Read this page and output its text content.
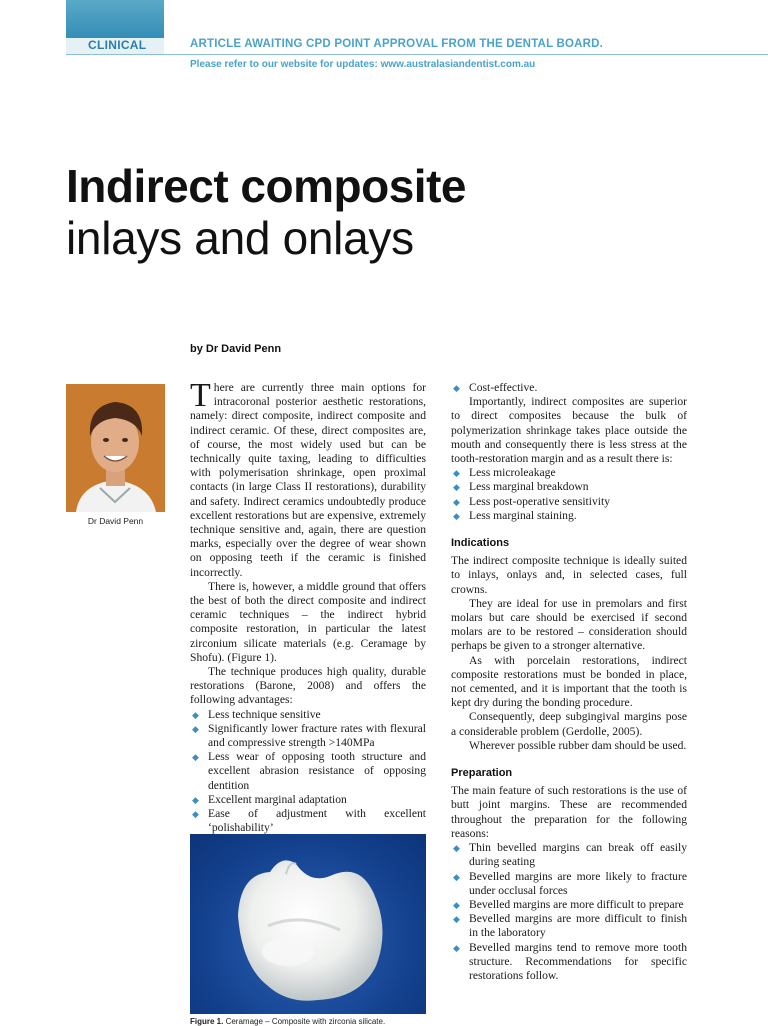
CLINICAL	ARTICLE AWAITING CPD POINT APPROVAL FROM THE DENTAL BOARD.
Please refer to our website for updates: www.australasiandentist.com.au
Indirect composite
inlays and onlays
by Dr David Penn
Dr David Penn

There are currently three main options for intracoronal posterior aesthetic restorations, namely: direct composite, indirect composite and indirect ceramic. Of these, direct composites are, of course, the most widely used but can be technically quite taxing, leading to difficulties with polymerisation shrinkage, open proximal contacts (in large Class II restorations), durability and safety. Indirect ceramics undoubtedly produce excellent restorations but are expensive, extremely technique sensitive and, again, there are question marks, especially over the degree of wear shown on opposing teeth if the ceramic is finished incorrectly.

There is, however, a middle ground that offers the best of both the direct composite and indirect ceramic techniques – the indirect hybrid composite restoration, in particular the latest zirconium silicate materials (e.g. Ceramage by Shofu). (Figure 1).

The technique produces high quality, durable restorations (Barone, 2008) and offers the following advantages:

◆ Less technique sensitive
◆ Significantly lower fracture rates with flexural and compressive strength >140MPa
◆ Less wear of opposing tooth structure and excellent abrasion resistance of opposing dentition
◆ Excellent marginal adaptation
◆ Ease of adjustment with excellent ‘polishability’
Figure 1. Ceramage – Composite with zirconia silicate.
◆ Cost-effective.

Importantly, indirect composites are superior to direct composites because the bulk of polymerization shrinkage takes place outside the mouth and consequently there is less stress at the tooth-restoration margin and as a result there is:

◆ Less microleakage
◆ Less marginal breakdown
◆ Less post-operative sensitivity
◆ Less marginal staining.
Indications

The indirect composite technique is ideally suited to inlays, onlays and, in selected cases, full crowns.

They are ideal for use in premolars and first molars but care should be exercised if second molars are to be restored – consideration should perhaps be given to a stronger alternative.

As with porcelain restorations, indirect composite restorations must be bonded in place, not cemented, and it is important that the tooth is kept dry during the bonding procedure.

Consequently, deep subgingival margins pose a considerable problem (Gerdolle, 2005).

Wherever possible rubber dam should be used.

Preparation

The main feature of such restorations is the use of butt joint margins. These are recommended throughout the preparation for the following reasons:

◆ Thin bevelled margins can break off easily during seating
◆ Bevelled margins are more likely to fracture under occlusal forces
◆ Bevelled margins are more difficult to prepare
◆ Bevelled margins are more difficult to finish in the laboratory
◆ Bevelled margins tend to remove more tooth structure. Recommendations for specific restorations follow.
